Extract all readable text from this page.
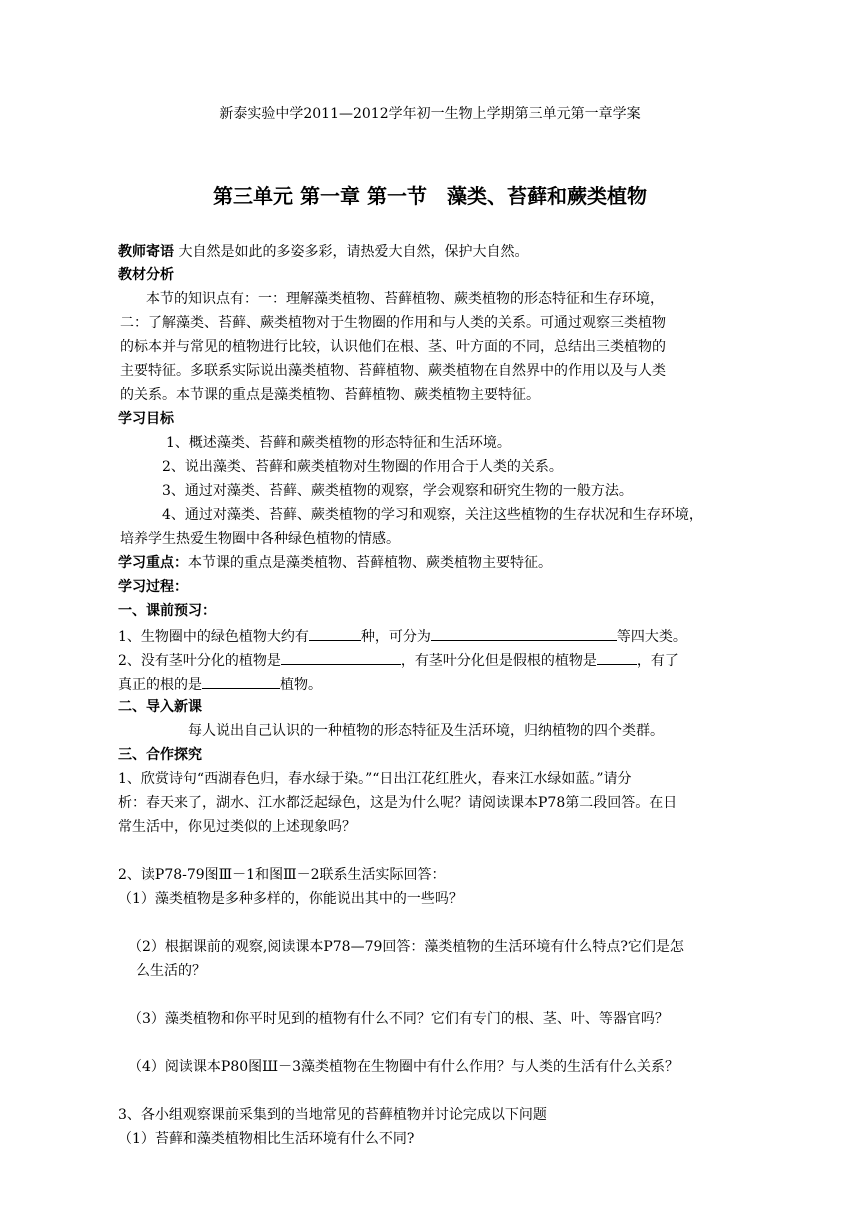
新泰实验中学2011—2012学年初一生物上学期第三单元第一章学案
第三单元 第一章 第一节　藻类、苔藓和蕨类植物
教师寄语 大自然是如此的多姿多彩，请热爱大自然，保护大自然。
教材分析
本节的知识点有：一：理解藻类植物、苔藓植物、蕨类植物的形态特征和生存环境，
二：了解藻类、苔藓、蕨类植物对于生物圈的作用和与人类的关系。可通过观察三类植物
的标本并与常见的植物进行比较，认识他们在根、茎、叶方面的不同，总结出三类植物的
主要特征。多联系实际说出藻类植物、苔藓植物、蕨类植物在自然界中的作用以及与人类
的关系。本节课的重点是藻类植物、苔藓植物、蕨类植物主要特征。
学习目标
1、概述藻类、苔藓和蕨类植物的形态特征和生活环境。
2、说出藻类、苔藓和蕨类植物对生物圈的作用合于人类的关系。
3、通过对藻类、苔藓、蕨类植物的观察，学会观察和研究生物的一般方法。
4、通过对藻类、苔藓、蕨类植物的学习和观察，关注这些植物的生存状况和生存环境，
培养学生热爱生物圈中各种绿色植物的情感。
学习重点：本节课的重点是藻类植物、苔藓植物、蕨类植物主要特征。
学习过程：
一、课前预习：
1、生物圈中的绿色植物大约有	种，可分为	等四大类。
2、没有茎叶分化的植物是	，有茎叶分化但是假根的植物是	，有了
真正的根的是	植物。
二、导入新课
每人说出自己认识的一种植物的形态特征及生活环境，归纳植物的四个类群。
三、合作探究
1、欣赏诗句“西湖春色归，春水绿于染。”“日出江花红胜火，春来江水绿如蓝。”请分
析：春天来了，湖水、江水都泛起绿色，这是为什么呢？请阅读课本P78第二段回答。在日
常生活中，你见过类似的上述现象吗？
2、读P78-79图Ⅲ－1和图Ⅲ－2联系生活实际回答：
（1）藻类植物是多种多样的，你能说出其中的一些吗？
（2）根据课前的观察,阅读课本P78—79回答：藻类植物的生活环境有什么特点?它们是怎
么生活的？
（3）藻类植物和你平时见到的植物有什么不同？它们有专门的根、茎、叶、等器官吗？
（4）阅读课本P80图Ш－3藻类植物在生物圈中有什么作用？与人类的生活有什么关系？
3、各小组观察课前采集到的当地常见的苔藓植物并讨论完成以下问题
（1）苔藓和藻类植物相比生活环境有什么不同?
